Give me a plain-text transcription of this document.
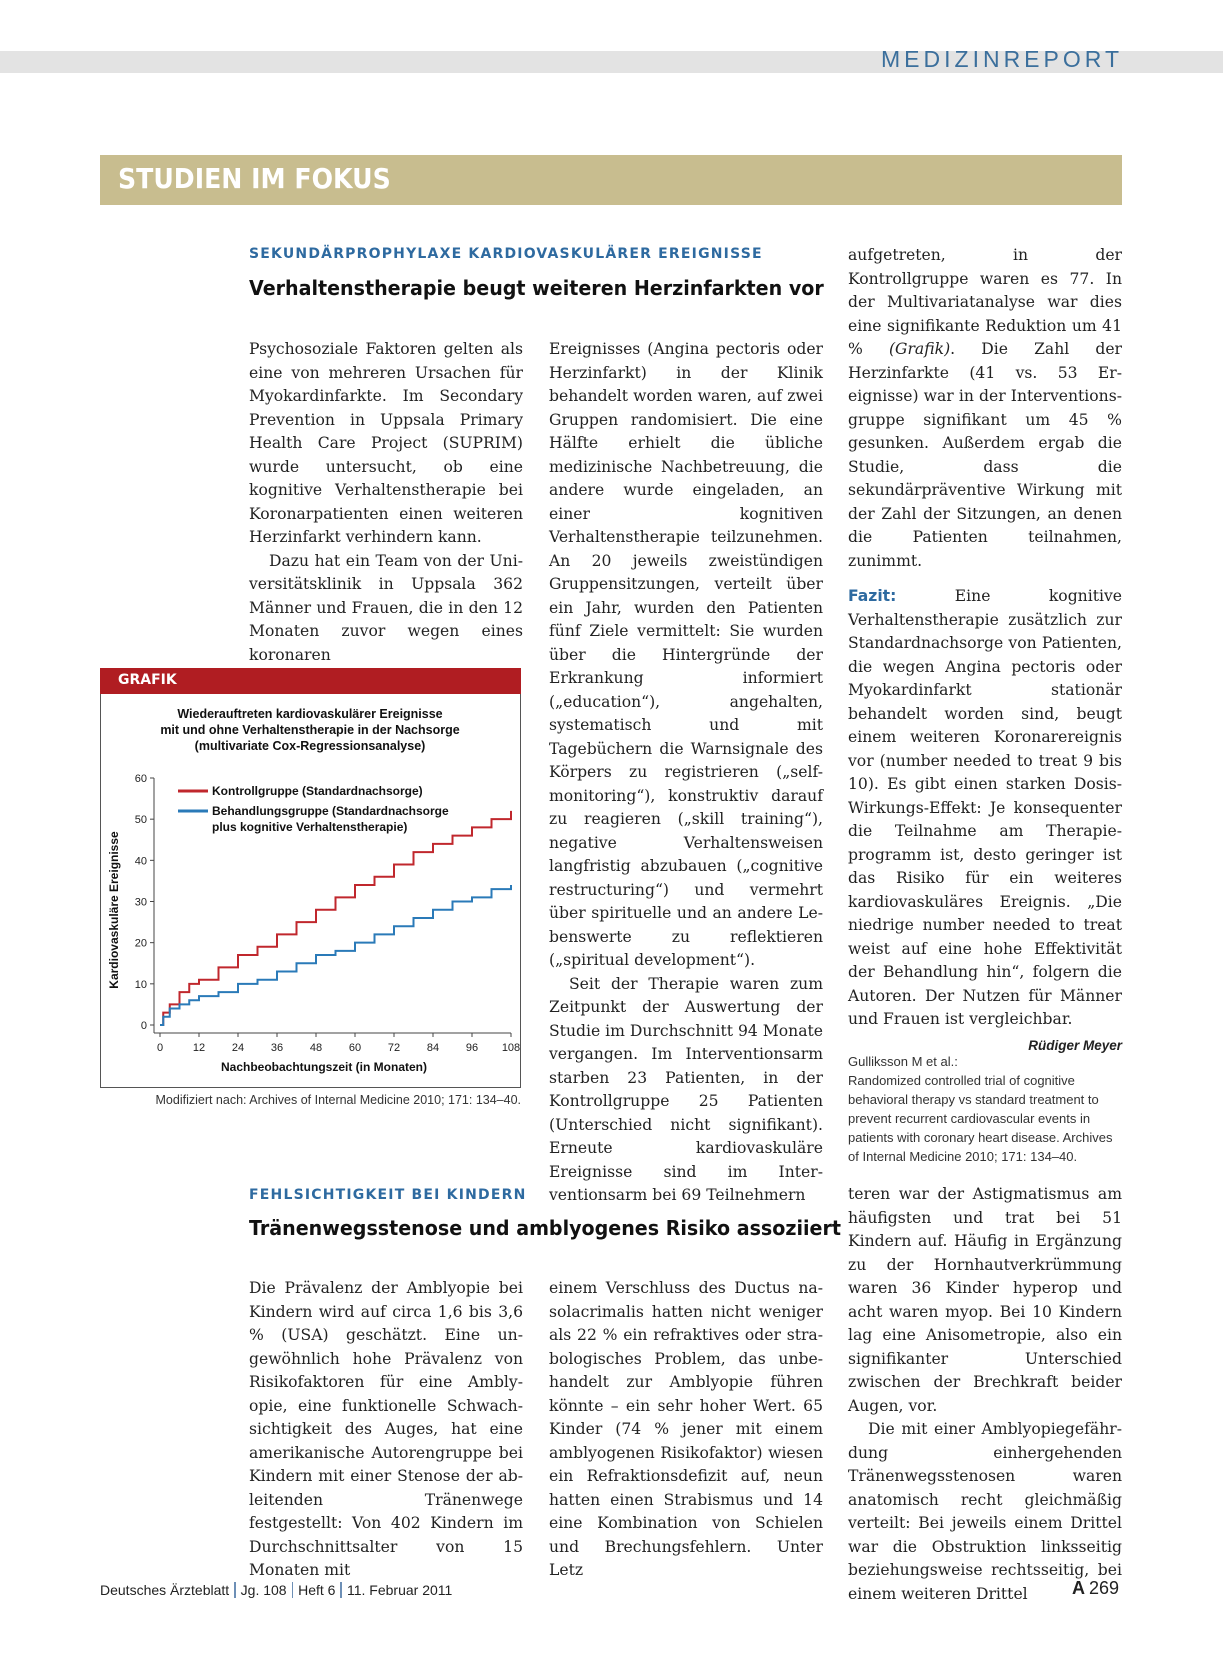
MEDIZINREPORT
STUDIEN IM FOKUS
SEKUNDÄRPROPHYLAXE KARDIOVASKULÄRER EREIGNISSE
Verhaltenstherapie beugt weiteren Herzinfarkten vor

Psychosoziale Faktoren gelten als eine von mehreren Ursachen für Myokardinfarkte. Im Secondary Prevention in Uppsala Primary Health Care Project (SUPRIM) wurde untersucht, ob eine kognitive Verhaltenstherapie bei Koronarpatienten einen weiteren Herzinfarkt verhindern kann.

Dazu hat ein Team von der Universitätsklinik in Uppsala 362 Männer und Frauen, die in den 12 Monaten zuvor wegen eines koronaren

Ereignisses (Angina pectoris oder Herzinfarkt) in der Klinik behandelt worden waren, auf zwei Gruppen randomisiert. Die eine Hälfte erhielt die übliche medizinische Nachbetreuung, die andere wurde eingeladen, an einer kognitiven Verhaltenstherapie teilzunehmen. An 20 jeweils zweistündigen Gruppensitzungen, verteilt über ein Jahr, wurden den Patienten fünf Ziele vermittelt: Sie wurden über die Hintergründe der Erkrankung informiert („education“), angehalten, systematisch und mit Tagebüchern die Warnsignale des Körpers zu registrieren („self-monitoring“), konstruktiv darauf zu reagieren („skill training“), negative Verhaltensweisen langfristig abzubauen („cognitive restructuring“) und vermehrt über spirituelle und an andere Lebenswerte zu reflektieren („spiritual development“).

Seit der Therapie waren zum Zeitpunkt der Auswertung der Studie im Durchschnitt 94 Monate vergangen. Im Interventionsarm starben 23 Patienten, in der Kontrollgruppe 25 Patienten (Unterschied nicht signifikant). Erneute kardiovaskuläre Ereignisse sind im Interventionsarm bei 69 Teilnehmern

aufgetreten, in der Kontrollgruppe waren es 77. In der Multivariatanalyse war dies eine signifikante Reduktion um 41 % (Grafik). Die Zahl der Herzinfarkte (41 vs. 53 Ereignisse) war in der Interventionsgruppe signifikant um 45 % gesunken. Außerdem ergab die Studie, dass die sekundärpräventive Wirkung mit der Zahl der Sitzungen, an denen die Patienten teilnahmen, zunimmt.

Fazit: Eine kognitive Verhaltenstherapie zusätzlich zur Standardnachsorge von Patienten, die wegen Angina pectoris oder Myokardinfarkt stationär behandelt worden sind, beugt einem weiteren Koronarereignis vor (number needed to treat 9 bis 10). Es gibt einen starken Dosis-Wirkungs-Effekt: Je konsequenter die Teilnahme am Therapieprogramm ist, desto geringer ist das Risiko für ein weiteres kardiovaskuläres Ereignis. „Die niedrige number needed to treat weist auf eine hohe Effektivität der Behandlung hin“, folgern die Autoren. Der Nutzen für Männer und Frauen ist vergleichbar.
Rüdiger Meyer

Gulliksson M et al.: Randomized controlled trial of cognitive behavioral therapy vs standard treatment to prevent recurrent cardiovascular events in patients with coronary heart disease. Archives of Internal Medicine 2010; 171: 134–40.

GRAFIK
Wiederauftreten kardiovaskulärer Ereignisse
mit und ohne Verhaltenstherapie in der Nachsorge
(multivariate Cox-Regressionsanalyse)
0
10
20
30
40
50
60
0	12 24 36 48 60 72 84 96 108
Kontrollgruppe (Standardnachsorge)
Behandlungsgruppe (Standardnachsorge
plus kognitive Verhaltenstherapie)
Kardiovaskuläre Ereignisse
Nachbeobachtungszeit (in Monaten)
Modifiziert nach: Archives of Internal Medicine 2010; 171: 134–40.
FEHLSICHTIGKEIT BEI KINDERN
Tränenwegsstenose und amblyogenes Risiko assoziiert

Die Prävalenz der Amblyopie bei Kindern wird auf circa 1,6 bis 3,6 % (USA) geschätzt. Eine ungewöhnlich hohe Prävalenz von Risikofaktoren für eine Amblyopie, eine funktionelle Schwachsichtigkeit des Auges, hat eine amerikanische Autorengruppe bei Kindern mit einer Stenose der ableitenden Tränenwege festgestellt: Von 402 Kindern im Durchschnittsalter von 15 Monaten mit

einem Verschluss des Ductus nasolacrimalis hatten nicht weniger als 22 % ein refraktives oder strabologisches Problem, das unbehandelt zur Amblyopie führen könnte – ein sehr hoher Wert. 65 Kinder (74 % jener mit einem amblyogenen Risikofaktor) wiesen ein Refraktionsdefizit auf, neun hatten einen Strabismus und 14 eine Kombination von Schielen und Brechungsfehlern. Unter Letz

teren war der Astigmatismus am häufigsten und trat bei 51 Kindern auf. Häufig in Ergänzung zu der Hornhautverkrümmung waren 36 Kinder hyperop und acht waren myop. Bei 10 Kindern lag eine Anisometropie, also ein signifikanter Unterschied zwischen der Brechkraft beider Augen, vor.

Die mit einer Amblyopiegefährdung einhergehenden Tränenwegsstenosen waren anatomisch recht gleichmäßig verteilt: Bei jeweils einem Drittel war die Obstruktion linksseitig beziehungsweise rechtsseitig, bei einem weiteren Drittel

Deutsches Ärzteblatt Jg. 108 Heft 6 11. Februar 2011	A 269
